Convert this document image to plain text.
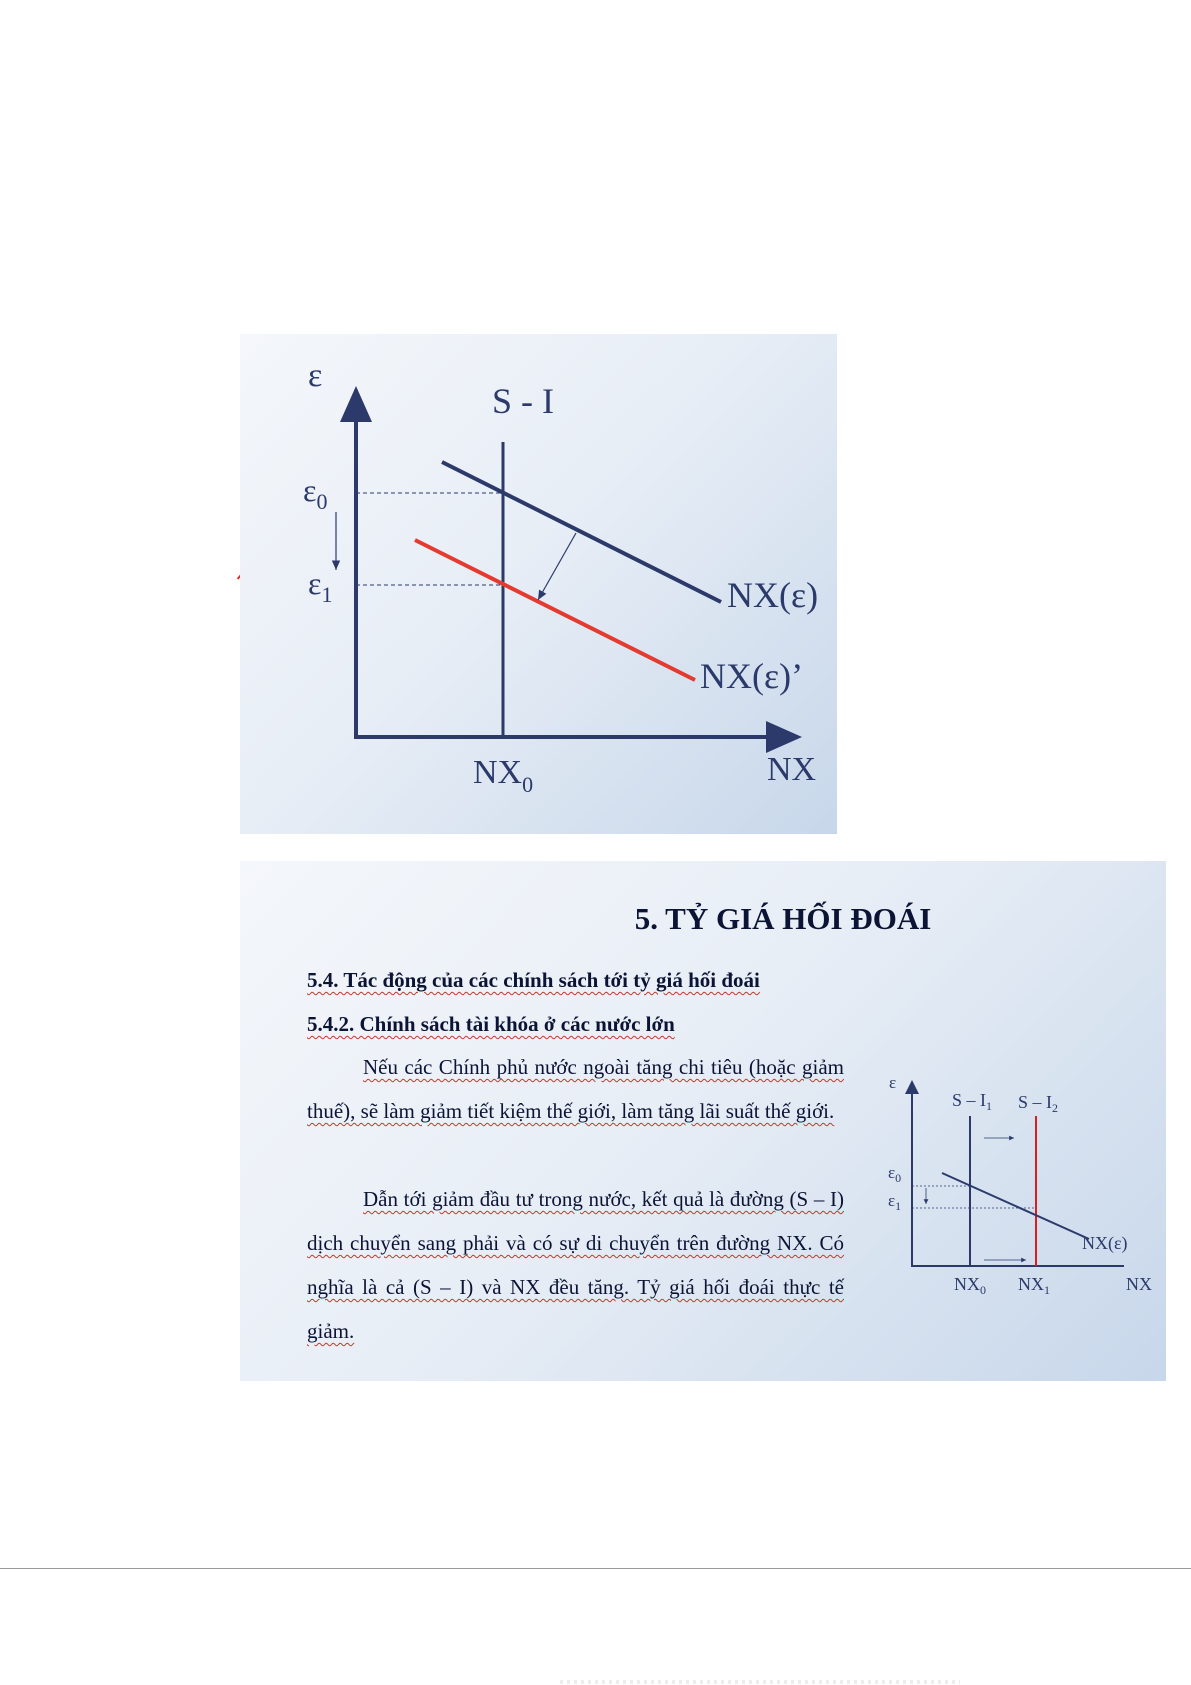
ε
S - I
$\varepsilon_0$
$\varepsilon_1$	NX(ε)
NX(ε)’
$NX_0$	NX
5. TỶ GIÁ HỐI ĐOÁI
5.4. Tác động của các chính sách tới tỷ giá hối đoái
5.4.2. Chính sách tài khóa ở các nước lớn

Nếu các Chính phủ nước ngoài tăng chi tiêu (hoặc giảm thuế), sẽ làm giảm tiết kiệm thế giới, làm tăng lãi suất thế giới.

Dẫn tới giảm đầu tư trong nước, kết quả là đường (S – I) dịch chuyển sang phải và có sự di chuyển trên đường NX. Có nghĩa là cả (S – I) và NX đều tăng. Tỷ giá hối đoái thực tế giảm.

ε
S – $I_1$ S – $I_2$
$\varepsilon_0$
$\varepsilon_1$
NX(ε)
$NX_0$ $NX_1$	NX
